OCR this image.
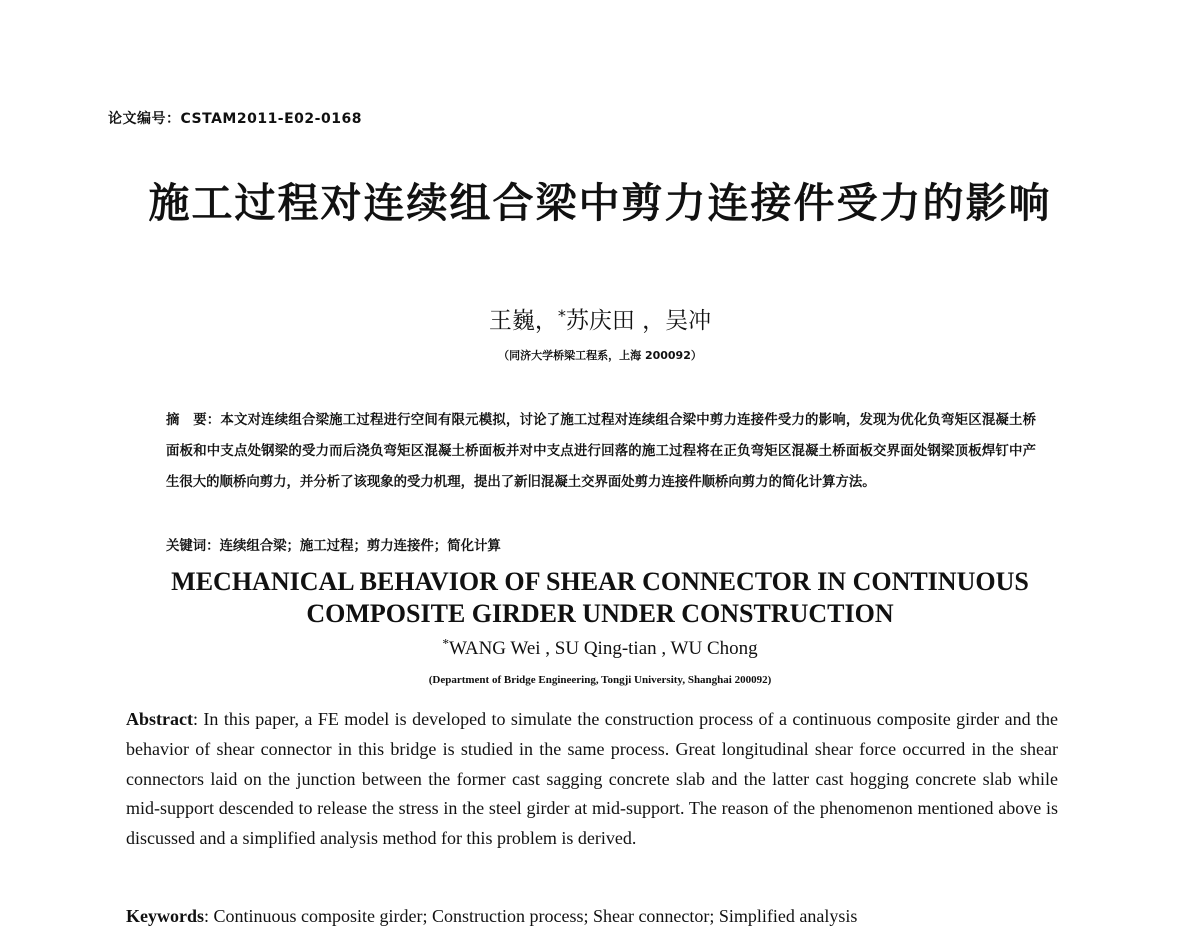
论文编号：CSTAM2011-E02-0168
施工过程对连续组合梁中剪力连接件受力的影响
王巍，*苏庆田 ，吴冲
（同济大学桥梁工程系，上海 200092）

摘　要：本文对连续组合梁施工过程进行空间有限元模拟，讨论了施工过程对连续组合梁中剪力连接件受力的影响，发现为优化负弯矩区混凝土桥面板和中支点处钢梁的受力而后浇负弯矩区混凝土桥面板并对中支点进行回落的施工过程将在正负弯矩区混凝土桥面板交界面处钢梁顶板焊钉中产生很大的顺桥向剪力，并分析了该现象的受力机理，提出了新旧混凝土交界面处剪力连接件顺桥向剪力的简化计算方法。

关键词：连续组合梁；施工过程；剪力连接件；简化计算

MECHANICAL BEHAVIOR OF SHEAR CONNECTOR IN CONTINUOUS
COMPOSITE GIRDER UNDER CONSTRUCTION
*WANG Wei , SU Qing-tian , WU Chong
(Department of Bridge Engineering, Tongji University, Shanghai 200092)

Abstract: In this paper, a FE model is developed to simulate the construction process of a continuous composite girder and the behavior of shear connector in this bridge is studied in the same process. Great longitudinal shear force occurred in the shear connectors laid on the junction between the former cast sagging concrete slab and the latter cast hogging concrete slab while mid-support descended to release the stress in the steel girder at mid-support. The reason of the phenomenon mentioned above is discussed and a simplified analysis method for this problem is derived.

Keywords: Continuous composite girder; Construction process; Shear connector; Simplified analysis
